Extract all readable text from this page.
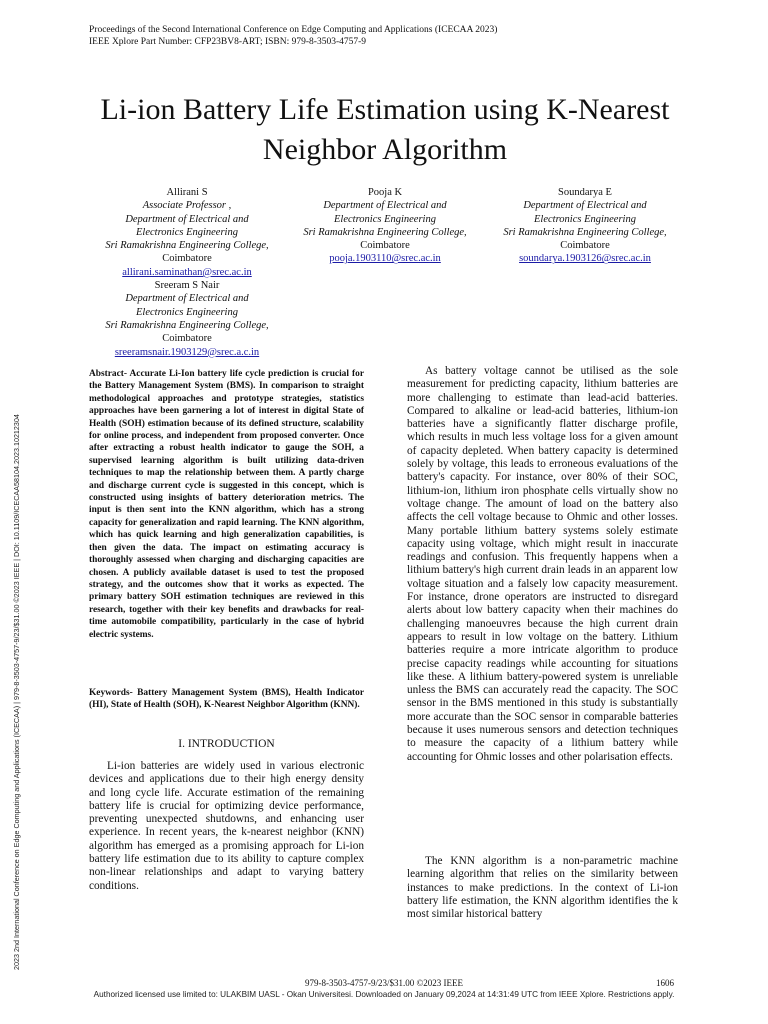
Proceedings of the Second International Conference on Edge Computing and Applications (ICECAA 2023)
IEEE Xplore Part Number: CFP23BV8-ART; ISBN: 979-8-3503-4757-9
Li-ion Battery Life Estimation using K-Nearest
Neighbor Algorithm
Allirani S
Associate Professor ,
Department of Electrical and
Electronics Engineering
Sri Ramakrishna Engineering College,
Coimbatore
allirani.saminathan@srec.ac.in
Sreeram S Nair
Department of Electrical and
Electronics Engineering
Sri Ramakrishna Engineering College,
Coimbatore
sreeramsnair.1903129@srec.a.c.in
Pooja K
Department of Electrical and
Electronics Engineering
Sri Ramakrishna Engineering College,
Coimbatore
pooja.1903110@srec.ac.in
Soundarya E
Department of Electrical and
Electronics Engineering
Sri Ramakrishna Engineering College,
Coimbatore
soundarya.1903126@srec.ac.in
Abstract- Accurate Li-Ion battery life cycle prediction is crucial for the Battery Management System (BMS). In comparison to straight methodological approaches and prototype strategies, statistics approaches have been garnering a lot of interest in digital State of Health (SOH) estimation because of its defined structure, scalability for online process, and independent from proposed converter. Once after extracting a robust health indicator to gauge the SOH, a supervised learning algorithm is built utilizing data-driven techniques to map the relationship between them. A partly charge and discharge current cycle is suggested in this concept, which is constructed using insights of battery deterioration metrics. The input is then sent into the KNN algorithm, which has a strong capacity for generalization and rapid learning. The KNN algorithm, which has quick learning and high generalization capabilities, is then given the data. The impact on estimating accuracy is thoroughly assessed when charging and discharging capacities are chosen. A publicly available dataset is used to test the proposed strategy, and the outcomes show that it works as expected. The primary battery SOH estimation techniques are reviewed in this research, together with their key benefits and drawbacks for real-time automobile compatibility, particularly in the case of hybrid electric systems.
Keywords- Battery Management System (BMS), Health Indicator (HI), State of Health (SOH), K-Nearest Neighbor Algorithm (KNN).
I. INTRODUCTION
Li-ion batteries are widely used in various electronic devices and applications due to their high energy density and long cycle life. Accurate estimation of the remaining battery life is crucial for optimizing device performance, preventing unexpected shutdowns, and enhancing user experience. In recent years, the k-nearest neighbor (KNN) algorithm has emerged as a promising approach for Li-ion battery life estimation due to its ability to capture complex non-linear relationships and adapt to varying battery conditions.
As battery voltage cannot be utilised as the sole measurement for predicting capacity, lithium batteries are more challenging to estimate than lead-acid batteries. Compared to alkaline or lead-acid batteries, lithium-ion batteries have a significantly flatter discharge profile, which results in much less voltage loss for a given amount of capacity depleted. When battery capacity is determined solely by voltage, this leads to erroneous evaluations of the battery's capacity. For instance, over 80% of their SOC, lithium-ion, lithium iron phosphate cells virtually show no voltage change. The amount of load on the battery also affects the cell voltage because to Ohmic and other losses. Many portable lithium battery systems solely estimate capacity using voltage, which might result in inaccurate readings and confusion. This frequently happens when a lithium battery's high current drain leads in an apparent low voltage situation and a falsely low capacity measurement. For instance, drone operators are instructed to disregard alerts about low battery capacity when their machines do challenging manoeuvres because the high current drain appears to result in low voltage on the battery. Lithium batteries require a more intricate algorithm to produce precise capacity readings while accounting for situations like these. A lithium battery-powered system is unreliable unless the BMS can accurately read the capacity. The SOC sensor in the BMS mentioned in this study is substantially more accurate than the SOC sensor in comparable batteries because it uses numerous sensors and detection techniques to measure the capacity of a lithium battery while accounting for Ohmic losses and other polarisation effects.
The KNN algorithm is a non-parametric machine learning algorithm that relies on the similarity between instances to make predictions. In the context of Li-ion battery life estimation, the KNN algorithm identifies the k most similar historical battery
2023 2nd International Conference on Edge Computing and Applications (ICECAA) | 979-8-3503-4757-9/23/$31.00 ©2023 IEEE | DOI: 10.1109/ICECAA58104.2023.10212304
979-8-3503-4757-9/23/$31.00 ©2023 IEEE	1606
Authorized licensed use limited to: ULAKBIM UASL - Okan Universitesi. Downloaded on January 09,2024 at 14:31:49 UTC from IEEE Xplore. Restrictions apply.
